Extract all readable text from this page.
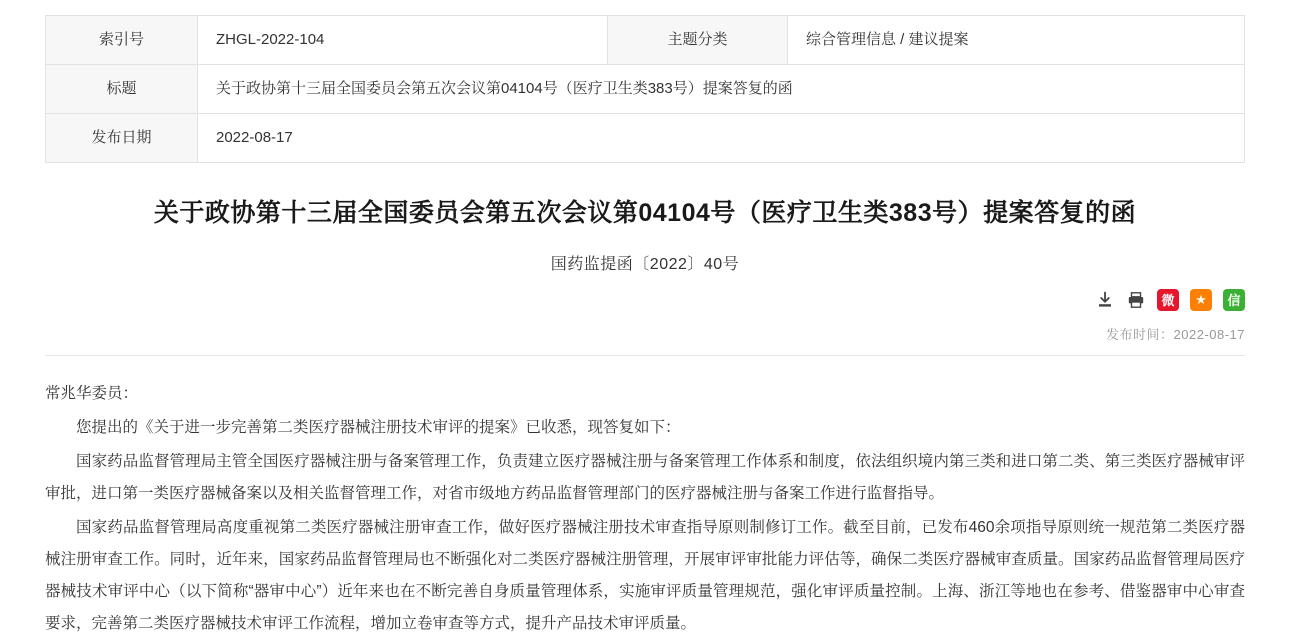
索引号	ZHGL-2022-104	主题分类	综合管理信息 / 建议提案
标题	关于政协第十三届全国委员会第五次会议第04104号（医疗卫生类383号）提案答复的函		
发布日期	2022-08-17		
关于政协第十三届全国委员会第五次会议第04104号（医疗卫生类383号）提案答复的函
国药监提函〔2022〕40号
微	★	信
发布时间：2022-08-17

常兆华委员：

您提出的《关于进一步完善第二类医疗器械注册技术审评的提案》已收悉，现答复如下：

国家药品监督管理局主管全国医疗器械注册与备案管理工作，负责建立医疗器械注册与备案管理工作体系和制度，依法组织境内第三类和进口第二类、第三类医疗器械审评审批，进口第一类医疗器械备案以及相关监督管理工作，对省市级地方药品监督管理部门的医疗器械注册与备案工作进行监督指导。

国家药品监督管理局高度重视第二类医疗器械注册审查工作，做好医疗器械注册技术审查指导原则制修订工作。截至目前，已发布460余项指导原则统一规范第二类医疗器械注册审查工作。同时，近年来，国家药品监督管理局也不断强化对二类医疗器械注册管理，开展审评审批能力评估等，确保二类医疗器械审查质量。国家药品监督管理局医疗器械技术审评中心（以下简称“器审中心”）近年来也在不断完善自身质量管理体系，实施审评质量管理规范，强化审评质量控制。上海、浙江等地也在参考、借鉴器审中心审查要求，完善第二类医疗器械技术审评工作流程，增加立卷审查等方式，提升产品技术审评质量。
